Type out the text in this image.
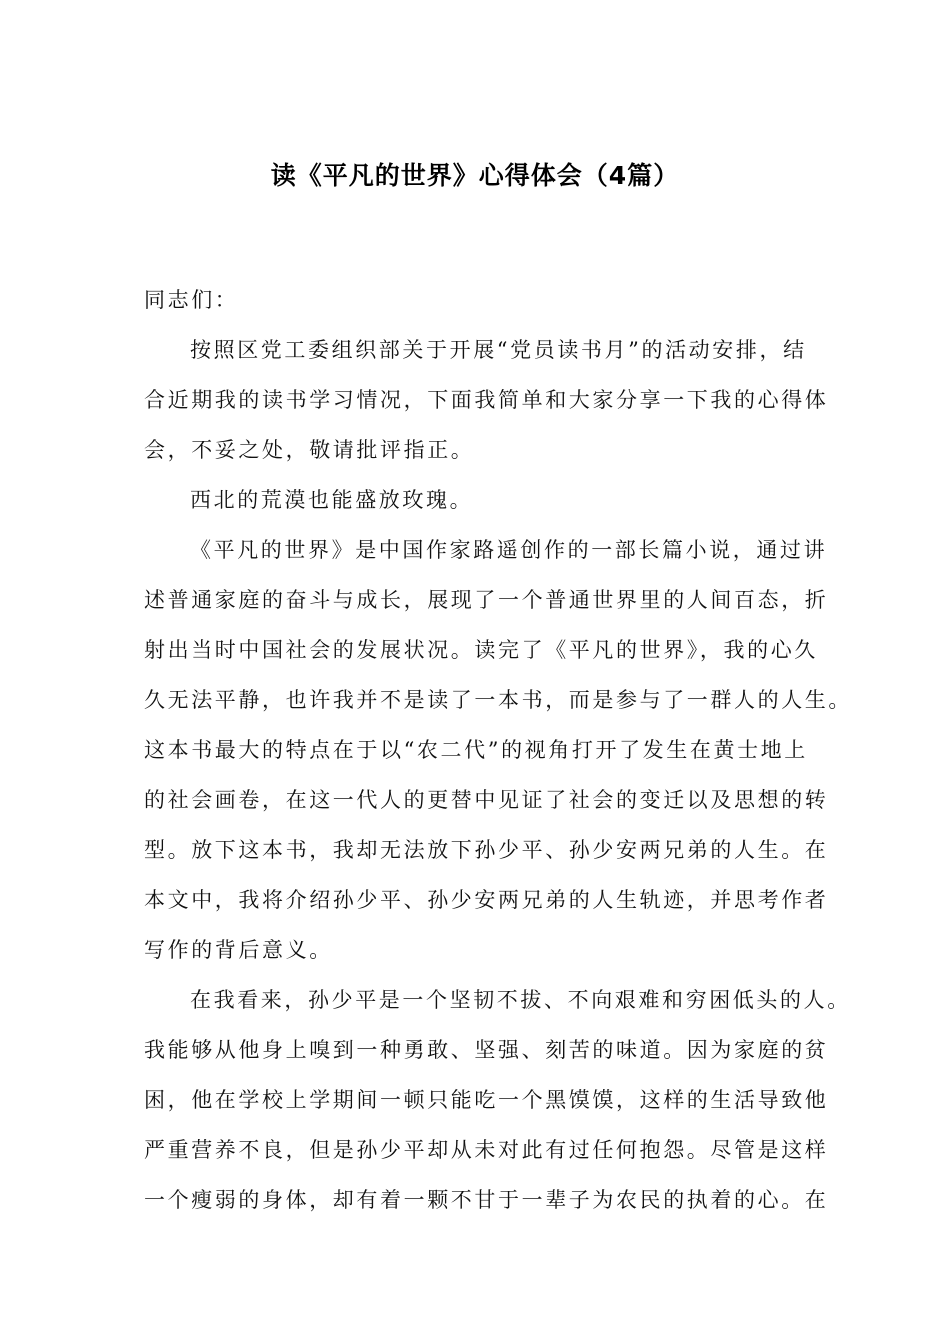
读《平凡的世界》心得体会（4篇）
同志们：
按照区党工委组织部关于开展“党员读书月”的活动安排，结
合近期我的读书学习情况，下面我简单和大家分享一下我的心得体
会，不妥之处，敬请批评指正。
西北的荒漠也能盛放玫瑰。
《平凡的世界》是中国作家路遥创作的一部长篇小说，通过讲
述普通家庭的奋斗与成长，展现了一个普通世界里的人间百态，折
射出当时中国社会的发展状况。读完了《平凡的世界》，我的心久
久无法平静，也许我并不是读了一本书，而是参与了一群人的人生。
这本书最大的特点在于以“农二代”的视角打开了发生在黄士地上
的社会画卷，在这一代人的更替中见证了社会的变迁以及思想的转
型。放下这本书，我却无法放下孙少平、孙少安两兄弟的人生。在
本文中，我将介绍孙少平、孙少安两兄弟的人生轨迹，并思考作者
写作的背后意义。
在我看来，孙少平是一个坚韧不拔、不向艰难和穷困低头的人。
我能够从他身上嗅到一种勇敢、坚强、刻苦的味道。因为家庭的贫
困，他在学校上学期间一顿只能吃一个黑馍馍，这样的生活导致他
严重营养不良，但是孙少平却从未对此有过任何抱怨。尽管是这样
一个瘦弱的身体，却有着一颗不甘于一辈子为农民的执着的心。在
